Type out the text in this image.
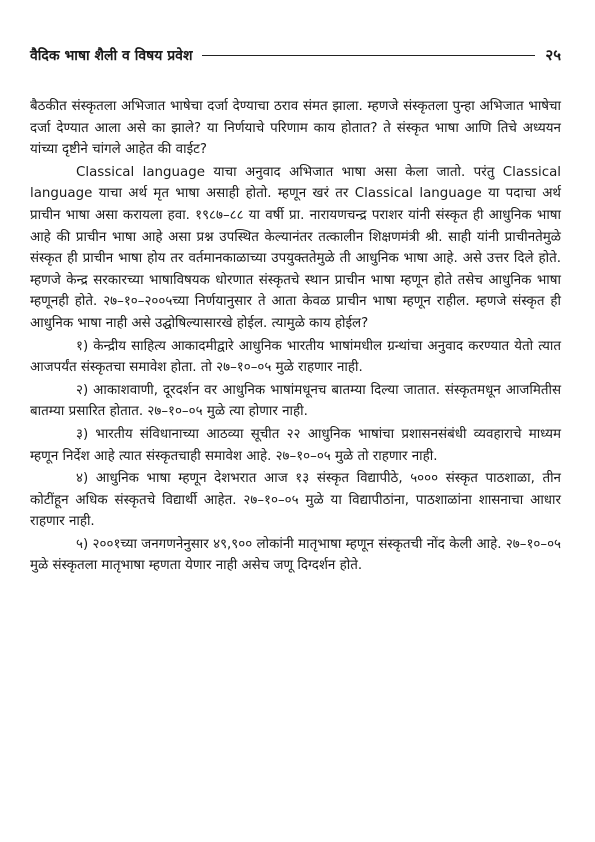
वैदिक भाषा शैली व विषय प्रवेश	२५

बैठकीत संस्कृतला अभिजात भाषेचा दर्जा देण्याचा ठराव संमत झाला. म्हणजे संस्कृतला पुन्हा अभिजात भाषेचा दर्जा देण्यात आला असे का झाले? या निर्णयाचे परिणाम काय होतात? ते संस्कृत भाषा आणि तिचे अध्ययन यांच्या दृष्टीने चांगले आहेत की वाईट?

Classical language याचा अनुवाद अभिजात भाषा असा केला जातो. परंतु Classical language याचा अर्थ मृत भाषा असाही होतो. म्हणून खरं तर Classical language या पदाचा अर्थ प्राचीन भाषा असा करायला हवा. १९८७–८८ या वर्षी प्रा. नारायणचन्द्र पराशर यांनी संस्कृत ही आधुनिक भाषा आहे की प्राचीन भाषा आहे असा प्रश्न उपस्थित केल्यानंतर तत्कालीन शिक्षणमंत्री श्री. साही यांनी प्राचीनतेमुळे संस्कृत ही प्राचीन भाषा होय तर वर्तमानकाळाच्या उपयुक्ततेमुळे ती आधुनिक भाषा आहे. असे उत्तर दिले होते. म्हणजे केन्द्र सरकारच्या भाषाविषयक धोरणात संस्कृतचे स्थान प्राचीन भाषा म्हणून होते तसेच आधुनिक भाषा म्हणूनही होते. २७–१०–२००५च्या निर्णयानुसार ते आता केवळ प्राचीन भाषा म्हणून राहील. म्हणजे संस्कृत ही आधुनिक भाषा नाही असे उद्घोषिल्यासारखे होईल. त्यामुळे काय होईल?

१) केन्द्रीय साहित्य आकादमीद्वारे आधुनिक भारतीय भाषांमधील ग्रन्थांचा अनुवाद करण्यात येतो त्यात आजपर्यंत संस्कृतचा समावेश होता. तो २७–१०–०५ मुळे राहणार नाही.

२) आकाशवाणी, दूरदर्शन वर आधुनिक भाषांमधूनच बातम्या दिल्या जातात. संस्कृतमधून आजमितीस बातम्या प्रसारित होतात. २७–१०–०५ मुळे त्या होणार नाही.

३) भारतीय संविधानाच्या आठव्या सूचीत २२ आधुनिक भाषांचा प्रशासनसंबंधी व्यवहाराचे माध्यम म्हणून निर्देश आहे त्यात संस्कृतचाही समावेश आहे. २७–१०–०५ मुळे तो राहणार नाही.

४) आधुनिक भाषा म्हणून देशभरात आज १३ संस्कृत विद्यापीठे, ५००० संस्कृत पाठशाळा, तीन कोटींहून अधिक संस्कृतचे विद्यार्थी आहेत. २७–१०–०५ मुळे या विद्यापीठांना, पाठशाळांना शासनाचा आधार राहणार नाही.

५) २००१च्या जनगणनेनुसार ४९,९०० लोकांनी मातृभाषा म्हणून संस्कृतची नोंद केली आहे. २७–१०–०५ मुळे संस्कृतला मातृभाषा म्हणता येणार नाही असेच जणू दिग्दर्शन होते.
